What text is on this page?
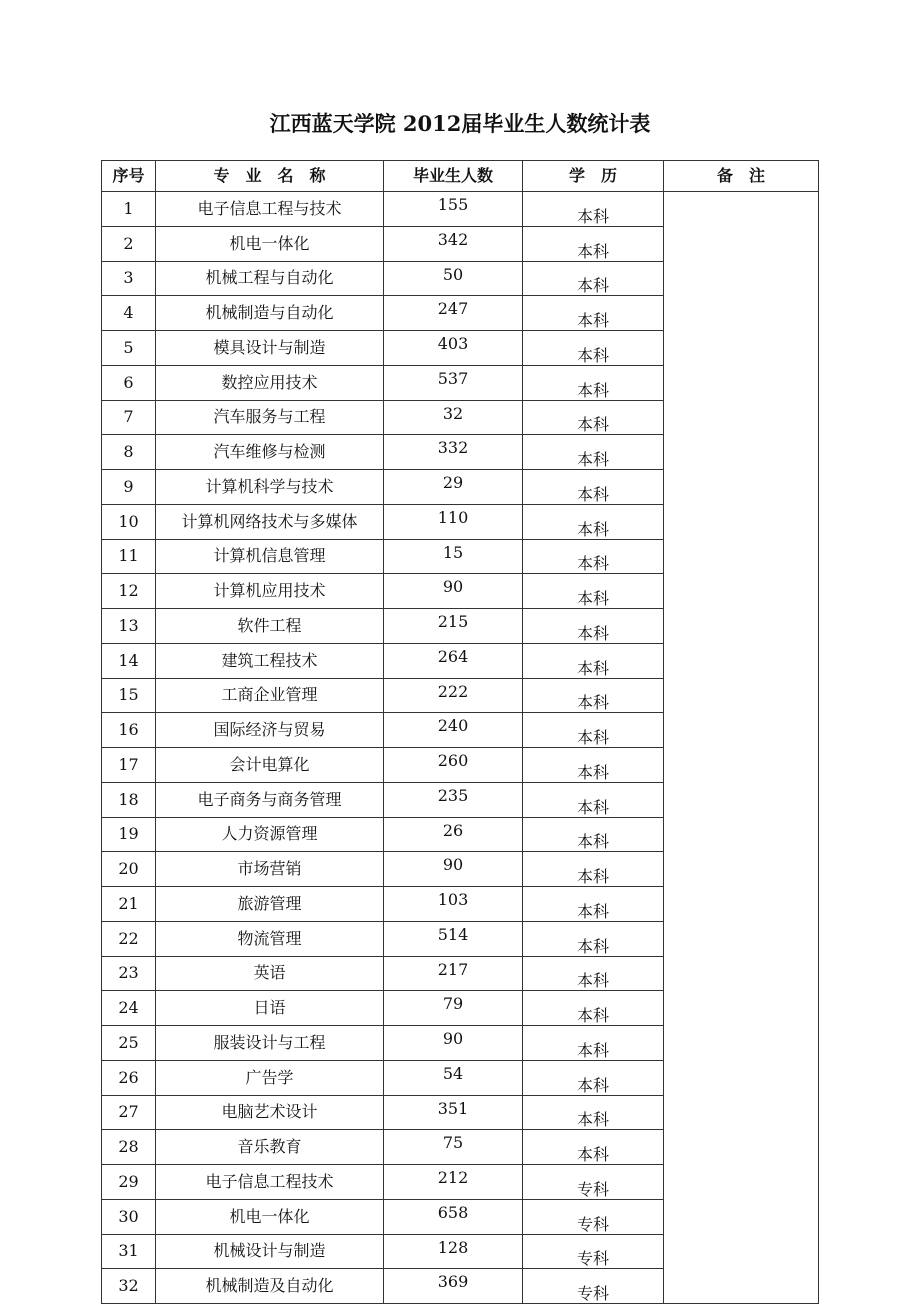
江西蓝天学院 2012届毕业生人数统计表
序号	专　业　名　称	毕业生人数	学　历	备　注
1	电子信息工程与技术	155	本科	
2	机电一体化	342	本科	
3	机械工程与自动化	50	本科	
4	机械制造与自动化	247	本科	
5	模具设计与制造	403	本科	
6	数控应用技术	537	本科	
7	汽车服务与工程	32	本科	
8	汽车维修与检测	332	本科	
9	计算机科学与技术	29	本科	
10	计算机网络技术与多媒体	110	本科	
11	计算机信息管理	15	本科	
12	计算机应用技术	90	本科	
13	软件工程	215	本科	
14	建筑工程技术	264	本科	
15	工商企业管理	222	本科	
16	国际经济与贸易	240	本科	
17	会计电算化	260	本科	
18	电子商务与商务管理	235	本科	
19	人力资源管理	26	本科	
20	市场营销	90	本科	
21	旅游管理	103	本科	
22	物流管理	514	本科	
23	英语	217	本科	
24	日语	79	本科	
25	服装设计与工程	90	本科	
26	广告学	54	本科	
27	电脑艺术设计	351	本科	
28	音乐教育	75	本科	
29	电子信息工程技术	212	专科	
30	机电一体化	658	专科	
31	机械设计与制造	128	专科	
32	机械制造及自动化	369	专科	
